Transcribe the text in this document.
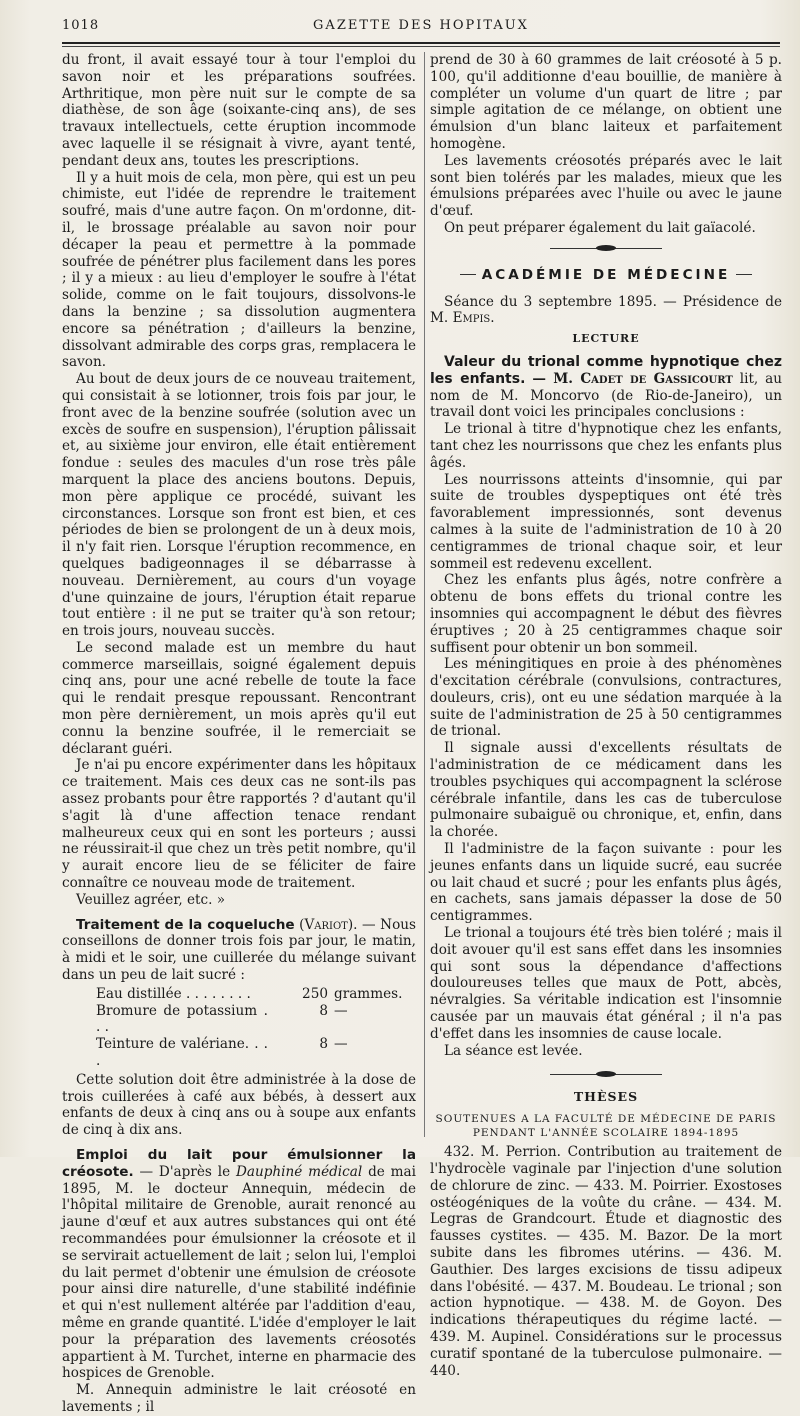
1018	GAZETTE DES HOPITAUX

du front, il avait essayé tour à tour l'emploi du savon noir et les préparations soufrées. Arthritique, mon père nuit sur le compte de sa diathèse, de son âge (soixante-cinq ans), de ses travaux intellectuels, cette éruption incommode avec laquelle il se résignait à vivre, ayant tenté, pendant deux ans, toutes les prescriptions.

Il y a huit mois de cela, mon père, qui est un peu chimiste, eut l'idée de reprendre le traitement soufré, mais d'une autre façon. On m'ordonne, dit-il, le brossage préalable au savon noir pour décaper la peau et permettre à la pommade soufrée de pénétrer plus facilement dans les pores ; il y a mieux : au lieu d'employer le soufre à l'état solide, comme on le fait toujours, dissolvons-le dans la benzine ; sa dissolution augmentera encore sa pénétration ; d'ailleurs la benzine, dissolvant admirable des corps gras, remplacera le savon.

Au bout de deux jours de ce nouveau traitement, qui consistait à se lotionner, trois fois par jour, le front avec de la benzine soufrée (solution avec un excès de soufre en suspension), l'éruption pâlissait et, au sixième jour environ, elle était entièrement fondue : seules des macules d'un rose très pâle marquent la place des anciens boutons. Depuis, mon père applique ce procédé, suivant les circonstances. Lorsque son front est bien, et ces périodes de bien se prolongent de un à deux mois, il n'y fait rien. Lorsque l'éruption recommence, en quelques badigeonnages il se débarrasse à nouveau. Dernièrement, au cours d'un voyage d'une quinzaine de jours, l'éruption était reparue tout entière : il ne put se traiter qu'à son retour; en trois jours, nouveau succès.

Le second malade est un membre du haut commerce marseillais, soigné également depuis cinq ans, pour une acné rebelle de toute la face qui le rendait presque repoussant. Rencontrant mon père dernièrement, un mois après qu'il eut connu la benzine soufrée, il le remerciait se déclarant guéri.

Je n'ai pu encore expérimenter dans les hôpitaux ce traitement. Mais ces deux cas ne sont-ils pas assez probants pour être rapportés ? d'autant qu'il s'agit là d'une affection tenace rendant malheureux ceux qui en sont les porteurs ; aussi ne réussirait-il que chez un très petit nombre, qu'il y aurait encore lieu de se féliciter de faire connaître ce nouveau mode de traitement.

Veuillez agréer, etc. »

Traitement de la coqueluche (Variot). — Nous conseillons de donner trois fois par jour, le matin, à midi et le soir, une cuillerée du mélange suivant dans un peu de lait sucré :

Eau distillée . . . . . . . .	250 grammes.
Bromure de potassium . . .
8 —
Teinture de valériane. . . .
8 —

Cette solution doit être administrée à la dose de trois cuillerées à café aux bébés, à dessert aux enfants de deux à cinq ans ou à soupe aux enfants de cinq à dix ans.

Emploi du lait pour émulsionner la créosote. — D'après le Dauphiné médical de mai 1895, M. le docteur Annequin, médecin de l'hôpital militaire de Grenoble, aurait renoncé au jaune d'œuf et aux autres substances qui ont été recommandées pour émulsionner la créosote et il se servirait actuellement de lait ; selon lui, l'emploi du lait permet d'obtenir une émulsion de créosote pour ainsi dire naturelle, d'une stabilité indéfinie et qui n'est nullement altérée par l'addition d'eau, même en grande quantité. L'idée d'employer le lait pour la préparation des lavements créosotés appartient à M. Turchet, interne en pharmacie des hospices de Grenoble.

M. Annequin administre le lait créosoté en lavements ; il

prend de 30 à 60 grammes de lait créosoté à 5 p. 100, qu'il additionne d'eau bouillie, de manière à compléter un volume d'un quart de litre ; par simple agitation de ce mélange, on obtient une émulsion d'un blanc laiteux et parfaitement homogène.

Les lavements créosotés préparés avec le lait sont bien tolérés par les malades, mieux que les émulsions préparées avec l'huile ou avec le jaune d'œuf.

On peut préparer également du lait gaïacolé.

ACADÉMIE DE MÉDECINE

Séance du 3 septembre 1895. — Présidence de M. Empis.

LECTURE

Valeur du trional comme hypnotique chez les enfants. — M. Cadet de Gassicourt lit, au nom de M. Moncorvo (de Rio-de-Janeiro), un travail dont voici les principales conclusions :

Le trional à titre d'hypnotique chez les enfants, tant chez les nourrissons que chez les enfants plus âgés.

Les nourrissons atteints d'insomnie, qui par suite de troubles dyspeptiques ont été très favorablement impressionnés, sont devenus calmes à la suite de l'administration de 10 à 20 centigrammes de trional chaque soir, et leur sommeil est redevenu excellent.

Chez les enfants plus âgés, notre confrère a obtenu de bons effets du trional contre les insomnies qui accompagnent le début des fièvres éruptives ; 20 à 25 centigrammes chaque soir suffisent pour obtenir un bon sommeil.

Les méningitiques en proie à des phénomènes d'excitation cérébrale (convulsions, contractures, douleurs, cris), ont eu une sédation marquée à la suite de l'administration de 25 à 50 centigrammes de trional.

Il signale aussi d'excellents résultats de l'administration de ce médicament dans les troubles psychiques qui accompagnent la sclérose cérébrale infantile, dans les cas de tuberculose pulmonaire subaiguë ou chronique, et, enfin, dans la chorée.

Il l'administre de la façon suivante : pour les jeunes enfants dans un liquide sucré, eau sucrée ou lait chaud et sucré ; pour les enfants plus âgés, en cachets, sans jamais dépasser la dose de 50 centigrammes.

Le trional a toujours été très bien toléré ; mais il doit avouer qu'il est sans effet dans les insomnies qui sont sous la dépendance d'affections douloureuses telles que maux de Pott, abcès, névralgies. Sa véritable indication est l'insomnie causée par un mauvais état général ; il n'a pas d'effet dans les insomnies de cause locale.

La séance est levée.

THÈSES
SOUTENUES A LA FACULTÉ DE MÉDECINE DE PARIS
PENDANT L'ANNÉE SCOLAIRE 1894-1895

432. M. Perrion. Contribution au traitement de l'hydrocèle vaginale par l'injection d'une solution de chlorure de zinc. — 433. M. Poirrier. Exostoses ostéogéniques de la voûte du crâne. — 434. M. Legras de Grandcourt. Étude et diagnostic des fausses cystites. — 435. M. Bazor. De la mort subite dans les fibromes utérins. — 436. M. Gauthier. Des larges excisions de tissu adipeux dans l'obésité. — 437. M. Boudeau. Le trional ; son action hypnotique. — 438. M. de Goyon. Des indications thérapeutiques du régime lacté. — 439. M. Aupinel. Considérations sur le processus curatif spontané de la tuberculose pulmonaire. — 440.
